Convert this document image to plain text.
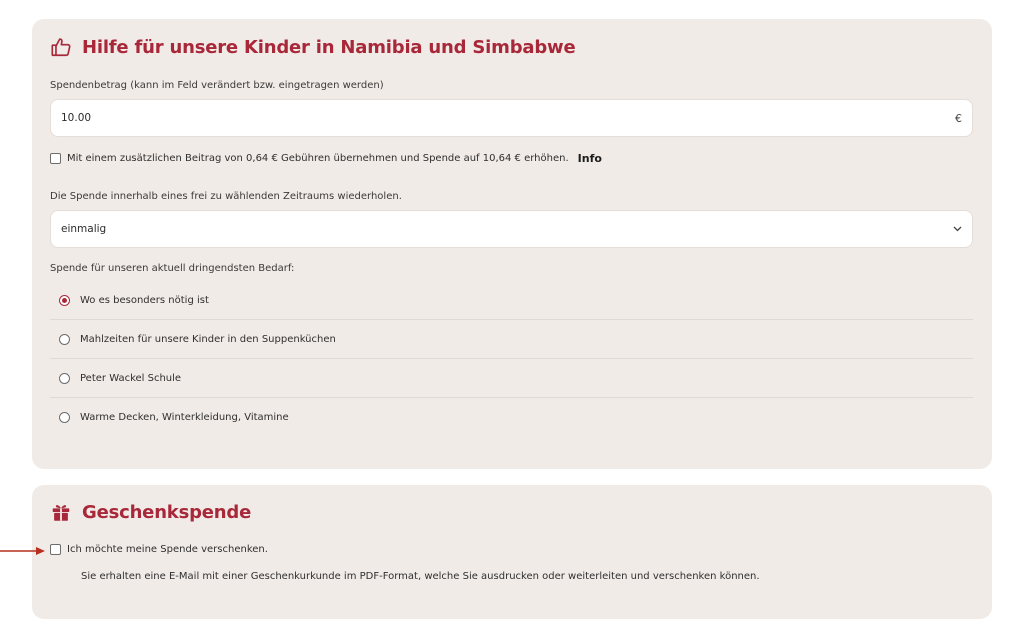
Hilfe für unsere Kinder in Namibia und Simbabwe
Spendenbetrag (kann im Feld verändert bzw. eingetragen werden)
10.00	€
Mit einem zusätzlichen Beitrag von 0,64 € Gebühren übernehmen und Spende auf 10,64 € erhöhen. Info
Die Spende innerhalb eines frei zu wählenden Zeitraums wiederholen.
einmalig
Spende für unseren aktuell dringendsten Bedarf:
Wo es besonders nötig ist
Mahlzeiten für unsere Kinder in den Suppenküchen
Peter Wackel Schule
Warme Decken, Winterkleidung, Vitamine
Geschenkspende
Ich möchte meine Spende verschenken.
Sie erhalten eine E-Mail mit einer Geschenkurkunde im PDF-Format, welche Sie ausdrucken oder weiterleiten und verschenken können.
